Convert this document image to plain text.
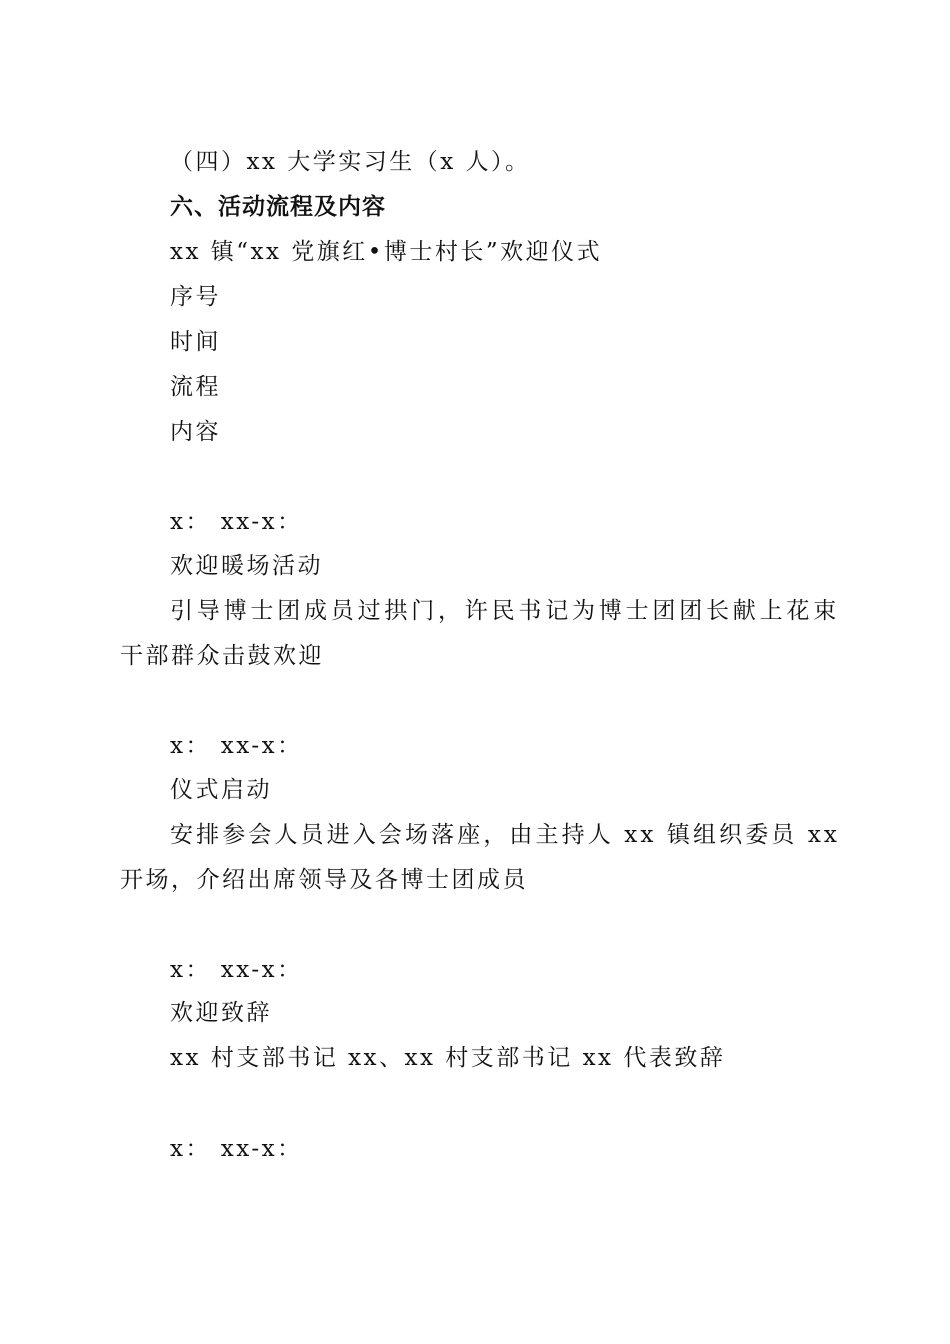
（四）xx 大学实习生（x 人）。
六、活动流程及内容
xx 镇“xx 党旗红•博士村长”欢迎仪式
序号
时间
流程
内容
x： xx-x：
欢迎暖场活动
引导博士团成员过拱门，许民书记为博士团团长献上花束
干部群众击鼓欢迎
x： xx-x：
仪式启动
安排参会人员进入会场落座，由主持人 xx 镇组织委员 xx
开场，介绍出席领导及各博士团成员
x： xx-x：
欢迎致辞
xx 村支部书记 xx、xx 村支部书记 xx 代表致辞
x： xx-x：
